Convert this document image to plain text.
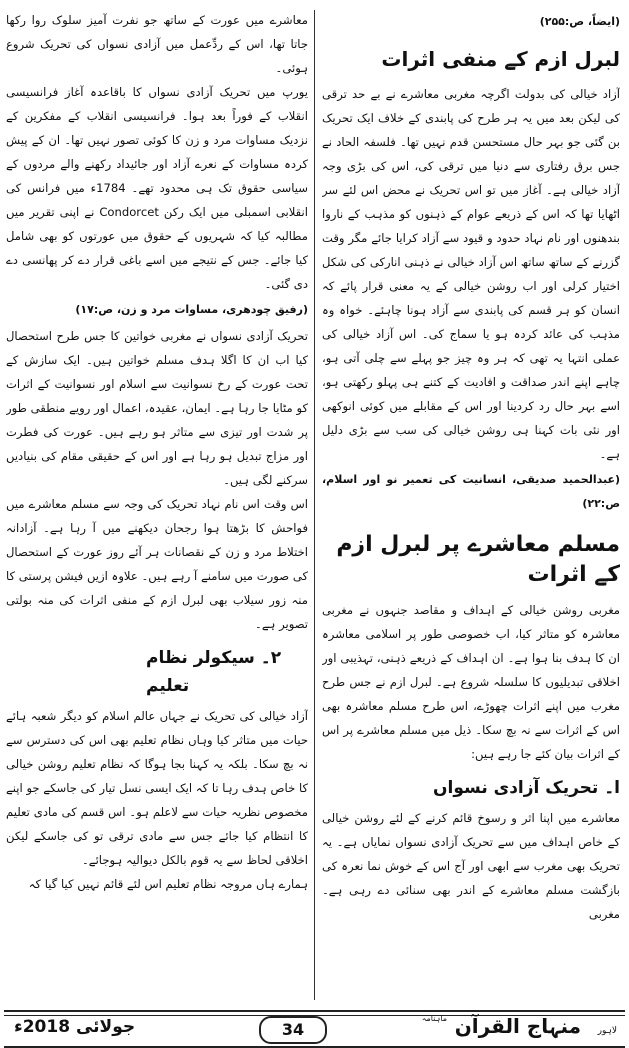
(ایضاً، ص:۲۵۵)

لبرل ازم کے منفی اثرات

آزاد خیالی کی بدولت اگرچہ مغربی معاشرے نے بے حد ترقی کی لیکن بعد میں یہ ہر طرح کی پابندی کے خلاف ایک تحریک بن گئی جو بہر حال مستحسن قدم نہیں تھا۔ فلسفہ الحاد نے جس برق رفتاری سے دنیا میں ترقی کی، اس کی بڑی وجہ آزاد خیالی ہے۔ آغاز میں تو اس تحریک نے محض اس لئے سر اٹھایا تھا کہ اس کے ذریعے عوام کے ذہنوں کو مذہب کے ناروا بندھنوں اور نام نہاد حدود و قیود سے آزاد کرایا جائے مگر وقت گزرنے کے ساتھ ساتھ اس آزاد خیالی نے ذہنی انارکی کی شکل اختیار کرلی اور اب روشن خیالی کے یہ معنی قرار پائے کہ انسان کو ہر قسم کی پابندی سے آزاد ہونا چاہئے۔ خواہ وہ مذہب کی عائد کردہ ہو یا سماج کی۔ اس آزاد خیالی کی عملی انتہا یہ تھی کہ ہر وہ چیز جو پہلے سے چلی آتی ہو، چاہے اپنے اندر صداقت و افادیت کے کتنے ہی پہلو رکھتی ہو، اسے بہر حال رد کردینا اور اس کے مقابلے میں کوئی انوکھی اور نئی بات کہنا ہی روشن خیالی کی سب سے بڑی دلیل ہے۔

(عبدالحمید صدیقی، انسانیت کی تعمیر نو اور اسلام، ص:۲۲)

مسلم معاشرے پر لبرل ازم کے اثرات

مغربی روشن خیالی کے اہداف و مقاصد جنہوں نے مغربی معاشرہ کو متاثر کیا، اب خصوصی طور پر اسلامی معاشرہ ان کا ہدف بنا ہوا ہے۔ ان اہداف کے ذریعے ذہنی، تہذیبی اور اخلاقی تبدیلیوں کا سلسلہ شروع ہے۔ لبرل ازم نے جس طرح مغرب میں اپنے اثرات چھوڑے، اس طرح مسلم معاشرہ بھی اس کے اثرات سے نہ بچ سکا۔ ذیل میں مسلم معاشرے پر اس کے اثرات بیان کئے جا رہے ہیں:

ا۔ تحریک آزادی نسواں

معاشرے میں اپنا اثر و رسوخ قائم کرنے کے لئے روشن خیالی کے خاص اہداف میں سے تحریک آزادی نسواں نمایاں ہے۔ یہ تحریک بھی مغرب سے ابھی اور آج اس کے خوش نما نعرہ کی بازگشت مسلم معاشرے کے اندر بھی سنائی دے رہی ہے۔ مغربی

معاشرے میں عورت کے ساتھ جو نفرت آمیز سلوک روا رکھا جاتا تھا، اس کے ردِّعمل میں آزادی نسواں کی تحریک شروع ہوئی۔

یورپ میں تحریک آزادی نسواں کا باقاعدہ آغاز فرانسیسی انقلاب کے فوراً بعد ہوا۔ فرانسیسی انقلاب کے مفکرین کے نزدیک مساوات مرد و زن کا کوئی تصور نہیں تھا۔ ان کے پیش کردہ مساوات کے نعرے آزاد اور جائیداد رکھنے والے مردوں کے سیاسی حقوق تک ہی محدود تھے۔ 1784ء میں فرانس کی انقلابی اسمبلی میں ایک رکن Condorcet نے اپنی تقریر میں مطالبہ کیا کہ شہریوں کے حقوق میں عورتوں کو بھی شامل کیا جائے۔ جس کے نتیجے میں اسے باغی قرار دے کر پھانسی دے دی گئی۔

(رفیق چودھری، مساوات مرد و زن، ص:۱۷)

تحریک آزادی نسواں نے مغربی خواتین کا جس طرح استحصال کیا اب ان کا اگلا ہدف مسلم خواتین ہیں۔ ایک سازش کے تحت عورت کے رخ نسوانیت سے اسلام اور نسوانیت کے اثرات کو مٹایا جا رہا ہے۔ ایمان، عقیدہ، اعمال اور رویے منطقی طور پر شدت اور تیزی سے متاثر ہو رہے ہیں۔ عورت کی فطرت اور مزاج تبدیل ہو رہا ہے اور اس کے حقیقی مقام کی بنیادیں سرکنے لگی ہیں۔

اس وقت اس نام نہاد تحریک کی وجہ سے مسلم معاشرے میں فواحش کا بڑھتا ہوا رجحان دیکھنے میں آ رہا ہے۔ آزادانہ اختلاط مرد و زن کے نقصانات ہر آئے روز عورت کے استحصال کی صورت میں سامنے آ رہے ہیں۔ علاوہ ازیں فیشن پرستی کا منہ زور سیلاب بھی لبرل ازم کے منفی اثرات کی منہ بولتی تصویر ہے۔

۲۔ سیکولر نظام تعلیم

آزاد خیالی کی تحریک نے جہاں عالم اسلام کو دیگر شعبہ ہائے حیات میں متاثر کیا وہاں نظام تعلیم بھی اس کی دسترس سے نہ بچ سکا۔ بلکہ یہ کہنا بجا ہوگا کہ نظام تعلیم روشن خیالی کا خاص ہدف رہا تا کہ ایک ایسی نسل تیار کی جاسکے جو اپنے مخصوص نظریہ حیات سے لاعلم ہو۔ اس قسم کی مادی تعلیم کا انتظام کیا جائے جس سے مادی ترقی تو کی جاسکے لیکن اخلاقی لحاظ سے یہ قوم بالکل دیوالیہ ہوجائے۔

ہمارے ہاں مروجہ نظام تعلیم اس لئے قائم نہیں کیا گیا کہ

جولائی 2018ء	34
ماہنامہ منہاج القرآن لاہور
